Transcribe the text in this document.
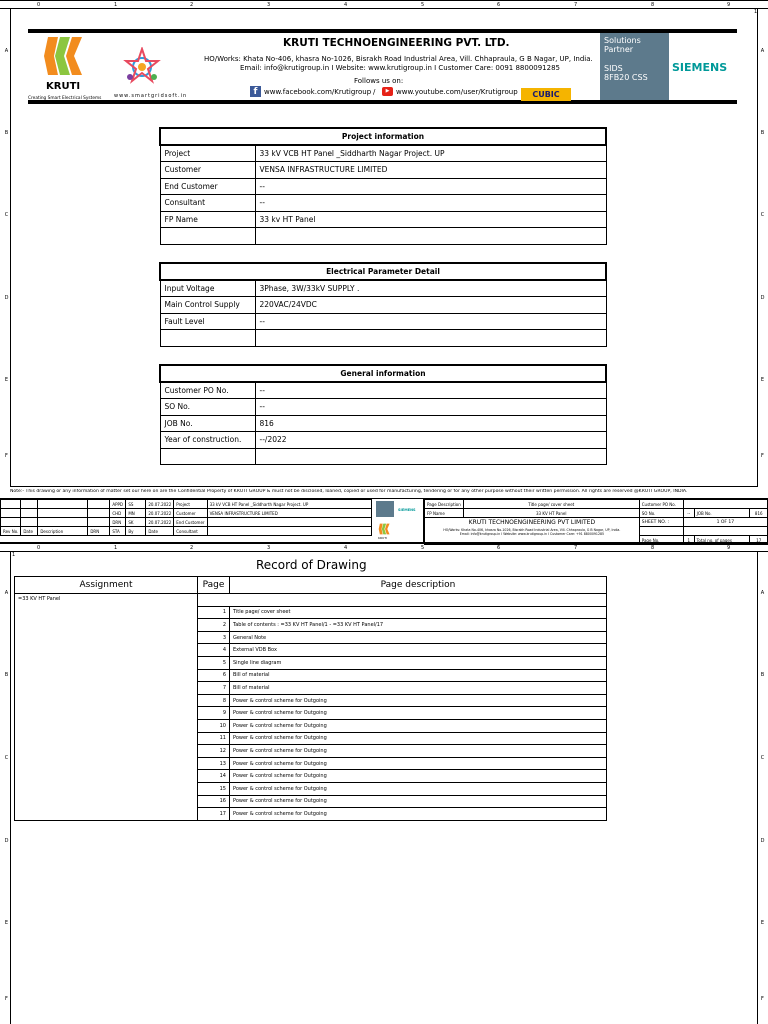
0	1	2	3	4	5	6	7	8	9
1
A
B
C
D
E
F
A
B
C
D
E
F
KRUTI
Creating Smart Electrical Systems	www.smartgridsoft.in
KRUTI TECHNOENGINEERING PVT. LTD.
HO/Works: Khata No-406, khasra No-1026, Bisrakh Road Industrial Area, Vill. Chhapraula, G B Nagar, UP, India.
Email: info@krutigroup.in I Website: www.krutigroup.in I Customer Care: 0091 8800091285
Follows us on:
f www.facebook.com/Krutigroup /	▶ www.youtube.com/user/Krutigroup	CUBIC
Solutions
Partner
SIDS
8FB20 CSS
SIEMENS
Project information	
Project	33 kV VCB HT Panel _Siddharth Nagar Project. UP
Customer	VENSA INFRASTRUCTURE LIMITED
End Customer	--
Consultant	--
FP Name	33 kv HT Panel

Electrical Parameter Detail	
Input Voltage	3Phase, 3W/33kV SUPPLY .
Main Control Supply	220VAC/24VDC
Fault Level	--

General information	
Customer PO No.	--
SO No.	--
JOB No.	816
Year of construction.	--/2022

Note:- This drawing or any information of matter set our here on are the Confidential Property of KRUTI GROUP & must not be disclosed, loaned, copied or used for manufacturing, tendering or for any other purpose without their written permission. All rights are reserved @KRUTI GROUP, INDIA.
				APPD	SS	20.07.2022	Project	33 kV VCB HT Panel _Siddharth Nagar Project. UP
				CHD	MN	20.07.2022	Customer	VENSA INFRASTRUCTURE LIMITED
				DRN	SK	20.07.2022	End Customer	
Rev No.	Date	Description	DRN	STA	By	Date	Consultant	
SIEMENS
KRUTI
Page Description	Title page/ cover sheet	Customer PO No.			
FP Name	33 KV HT Panel	SO No.	--	JOB No.	816

KRUTI TECHNOENGINEERING PVT LIMITED
HO/Works: Khata No-406, khasra No-1026, Bisrakh Road Industrial Area, Vill. Chhapraula, G B Nagar, UP, India.
Email: info@krutigroup.in I Website: www.krutigroup.in I Customer Care: +91 8800091285		SHEET NO. :	1 OF 17		

		Page No.	1	Total no. of pages	17
0	1	2	3	4	5	6	7	8	9
A
B
C
D
E
F
A
B
C
D
E
F
1
Record of Drawing
Assignment	Page	Page description
=33 KV HT Panel		
	1	Title page/ cover sheet
	2	Table of contents : =33 KV HT Panel/1 - =33 KV HT Panel/17
	3	General Note
	4	External VDB Box
	5	Single line diagram
	6	Bill of material
	7	Bill of material
	8	Power & control scheme for Outgoing
	9	Power & control scheme for Outgoing
	10	Power & control scheme for Outgoing
	11	Power & control scheme for Outgoing
	12	Power & control scheme for Outgoing
	13	Power & control scheme for Outgoing
	14	Power & control scheme for Outgoing
	15	Power & control scheme for Outgoing
	16	Power & control scheme for Outgoing
	17	Power & control scheme for Outgoing
